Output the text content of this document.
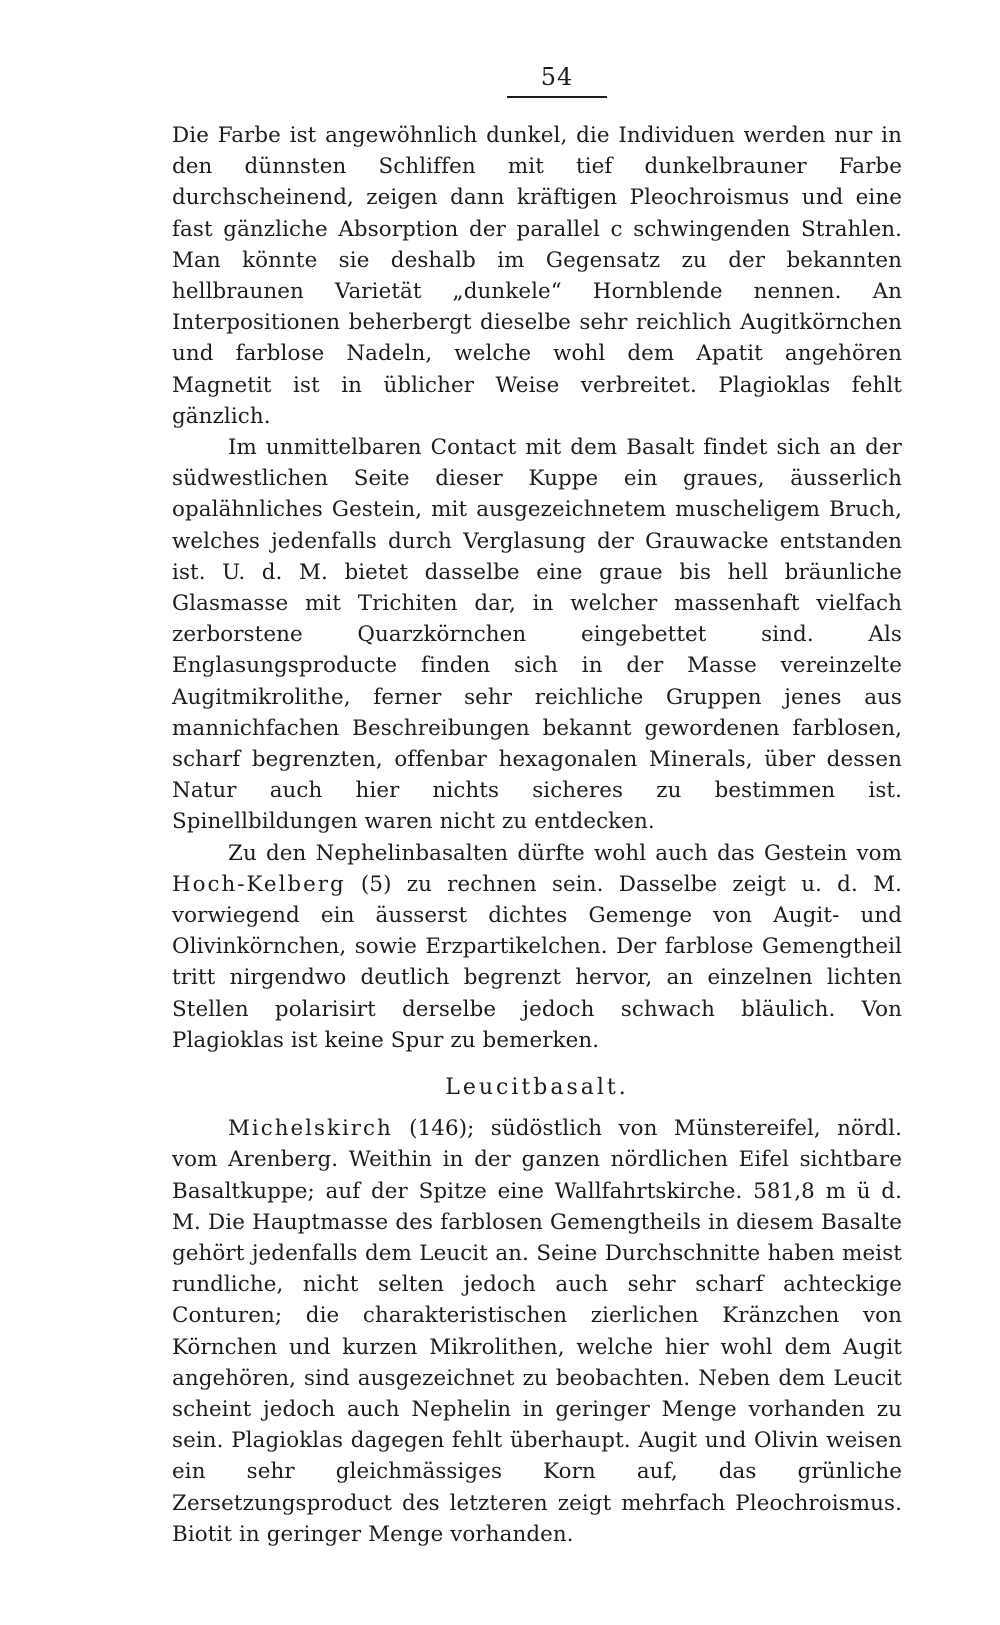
54

Die Farbe ist angewöhnlich dunkel, die Individuen werden nur in den dünnsten Schliffen mit tief dunkelbrauner Farbe durchscheinend, zeigen dann kräftigen Pleochroismus und eine fast gänzliche Absorption der parallel c schwingenden Strahlen. Man könnte sie deshalb im Gegensatz zu der bekannten hellbraunen Varietät „dunkele“ Hornblende nennen. An Interpositionen beherbergt dieselbe sehr reichlich Augitkörnchen und farblose Nadeln, welche wohl dem Apatit angehören Magnetit ist in üblicher Weise verbreitet. Plagioklas fehlt gänzlich.

Im unmittelbaren Contact mit dem Basalt findet sich an der südwestlichen Seite dieser Kuppe ein graues, äusserlich opalähnliches Gestein, mit ausgezeichnetem muscheligem Bruch, welches jedenfalls durch Verglasung der Grauwacke entstanden ist. U. d. M. bietet dasselbe eine graue bis hell bräunliche Glasmasse mit Trichiten dar, in welcher massenhaft vielfach zerborstene Quarzkörnchen eingebettet sind. Als Englasungsproducte finden sich in der Masse vereinzelte Augitmikrolithe, ferner sehr reichliche Gruppen jenes aus mannichfachen Beschreibungen bekannt gewordenen farblosen, scharf begrenzten, offenbar hexagonalen Minerals, über dessen Natur auch hier nichts sicheres zu bestimmen ist. Spinellbildungen waren nicht zu entdecken.

Zu den Nephelinbasalten dürfte wohl auch das Gestein vom Hoch-Kelberg (5) zu rechnen sein. Dasselbe zeigt u. d. M. vorwiegend ein äusserst dichtes Gemenge von Augit- und Olivinkörnchen, sowie Erzpartikelchen. Der farblose Gemengtheil tritt nirgendwo deutlich begrenzt hervor, an einzelnen lichten Stellen polarisirt derselbe jedoch schwach bläulich. Von Plagioklas ist keine Spur zu bemerken.

Leucitbasalt.

Michelskirch (146); südöstlich von Münstereifel, nördl. vom Arenberg. Weithin in der ganzen nördlichen Eifel sichtbare Basaltkuppe; auf der Spitze eine Wallfahrtskirche. 581,8 m ü d. M. Die Hauptmasse des farblosen Gemengtheils in diesem Basalte gehört jedenfalls dem Leucit an. Seine Durchschnitte haben meist rundliche, nicht selten jedoch auch sehr scharf achteckige Conturen; die charakteristischen zierlichen Kränzchen von Körnchen und kurzen Mikrolithen, welche hier wohl dem Augit angehören, sind ausgezeichnet zu beobachten. Neben dem Leucit scheint jedoch auch Nephelin in geringer Menge vorhanden zu sein. Plagioklas dagegen fehlt überhaupt. Augit und Olivin weisen ein sehr gleichmässiges Korn auf, das grünliche Zersetzungsproduct des letzteren zeigt mehrfach Pleochroismus. Biotit in geringer Menge vorhanden.
